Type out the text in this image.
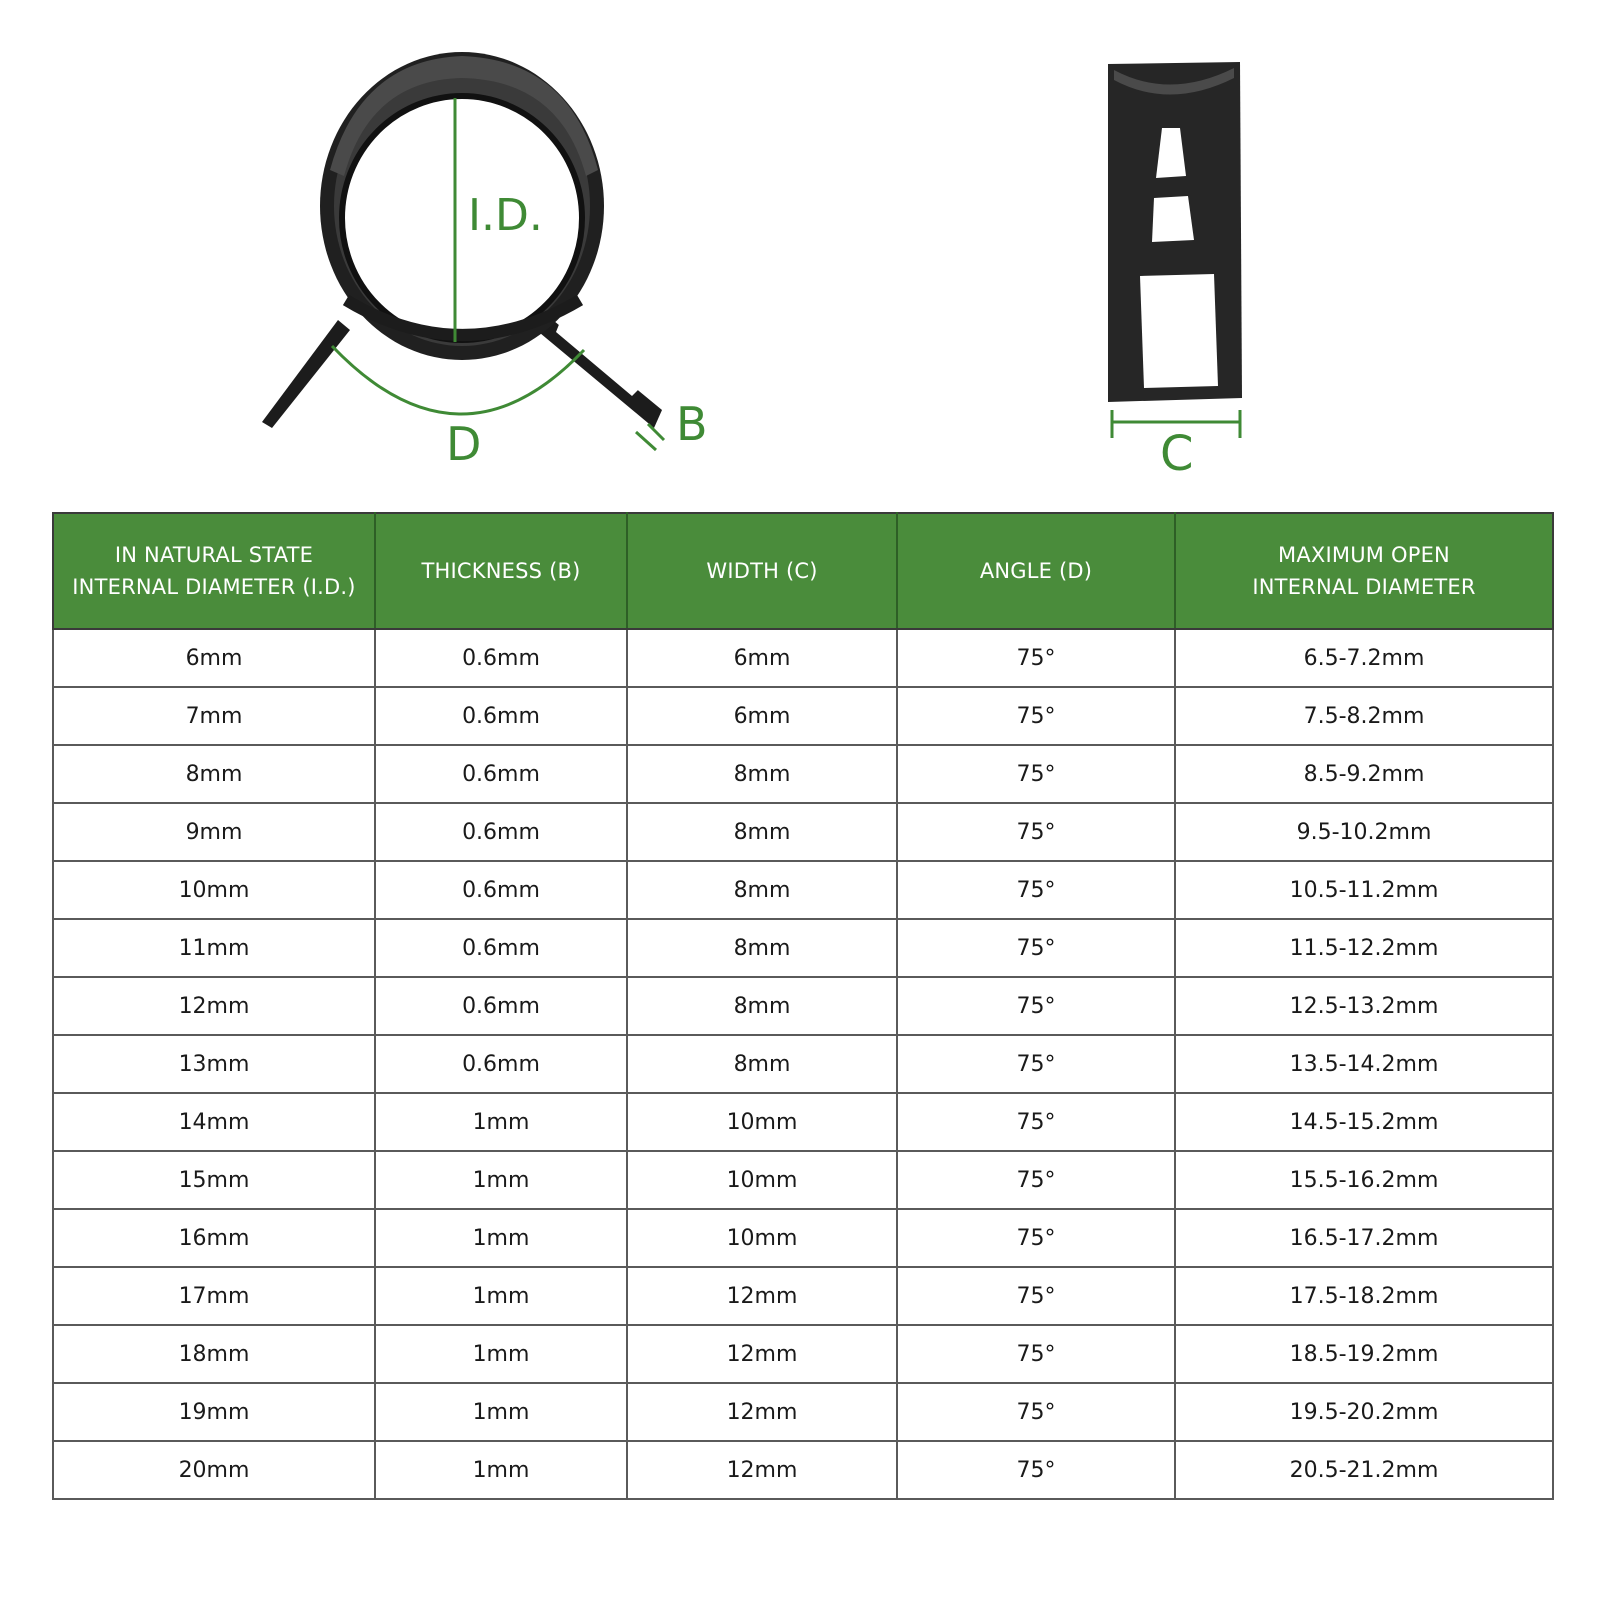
I.D.
D	B
C
IN NATURAL STATE
INTERNAL DIAMETER (I.D.)	THICKNESS (B)	WIDTH (C)	ANGLE (D)	MAXIMUM OPEN
INTERNAL DIAMETER
6mm	0.6mm	6mm	75°	6.5-7.2mm
7mm	0.6mm	6mm	75°	7.5-8.2mm
8mm	0.6mm	8mm	75°	8.5-9.2mm
9mm	0.6mm	8mm	75°	9.5-10.2mm
10mm	0.6mm	8mm	75°	10.5-11.2mm
11mm	0.6mm	8mm	75°	11.5-12.2mm
12mm	0.6mm	8mm	75°	12.5-13.2mm
13mm	0.6mm	8mm	75°	13.5-14.2mm
14mm	1mm	10mm	75°	14.5-15.2mm
15mm	1mm	10mm	75°	15.5-16.2mm
16mm	1mm	10mm	75°	16.5-17.2mm
17mm	1mm	12mm	75°	17.5-18.2mm
18mm	1mm	12mm	75°	18.5-19.2mm
19mm	1mm	12mm	75°	19.5-20.2mm
20mm	1mm	12mm	75°	20.5-21.2mm
